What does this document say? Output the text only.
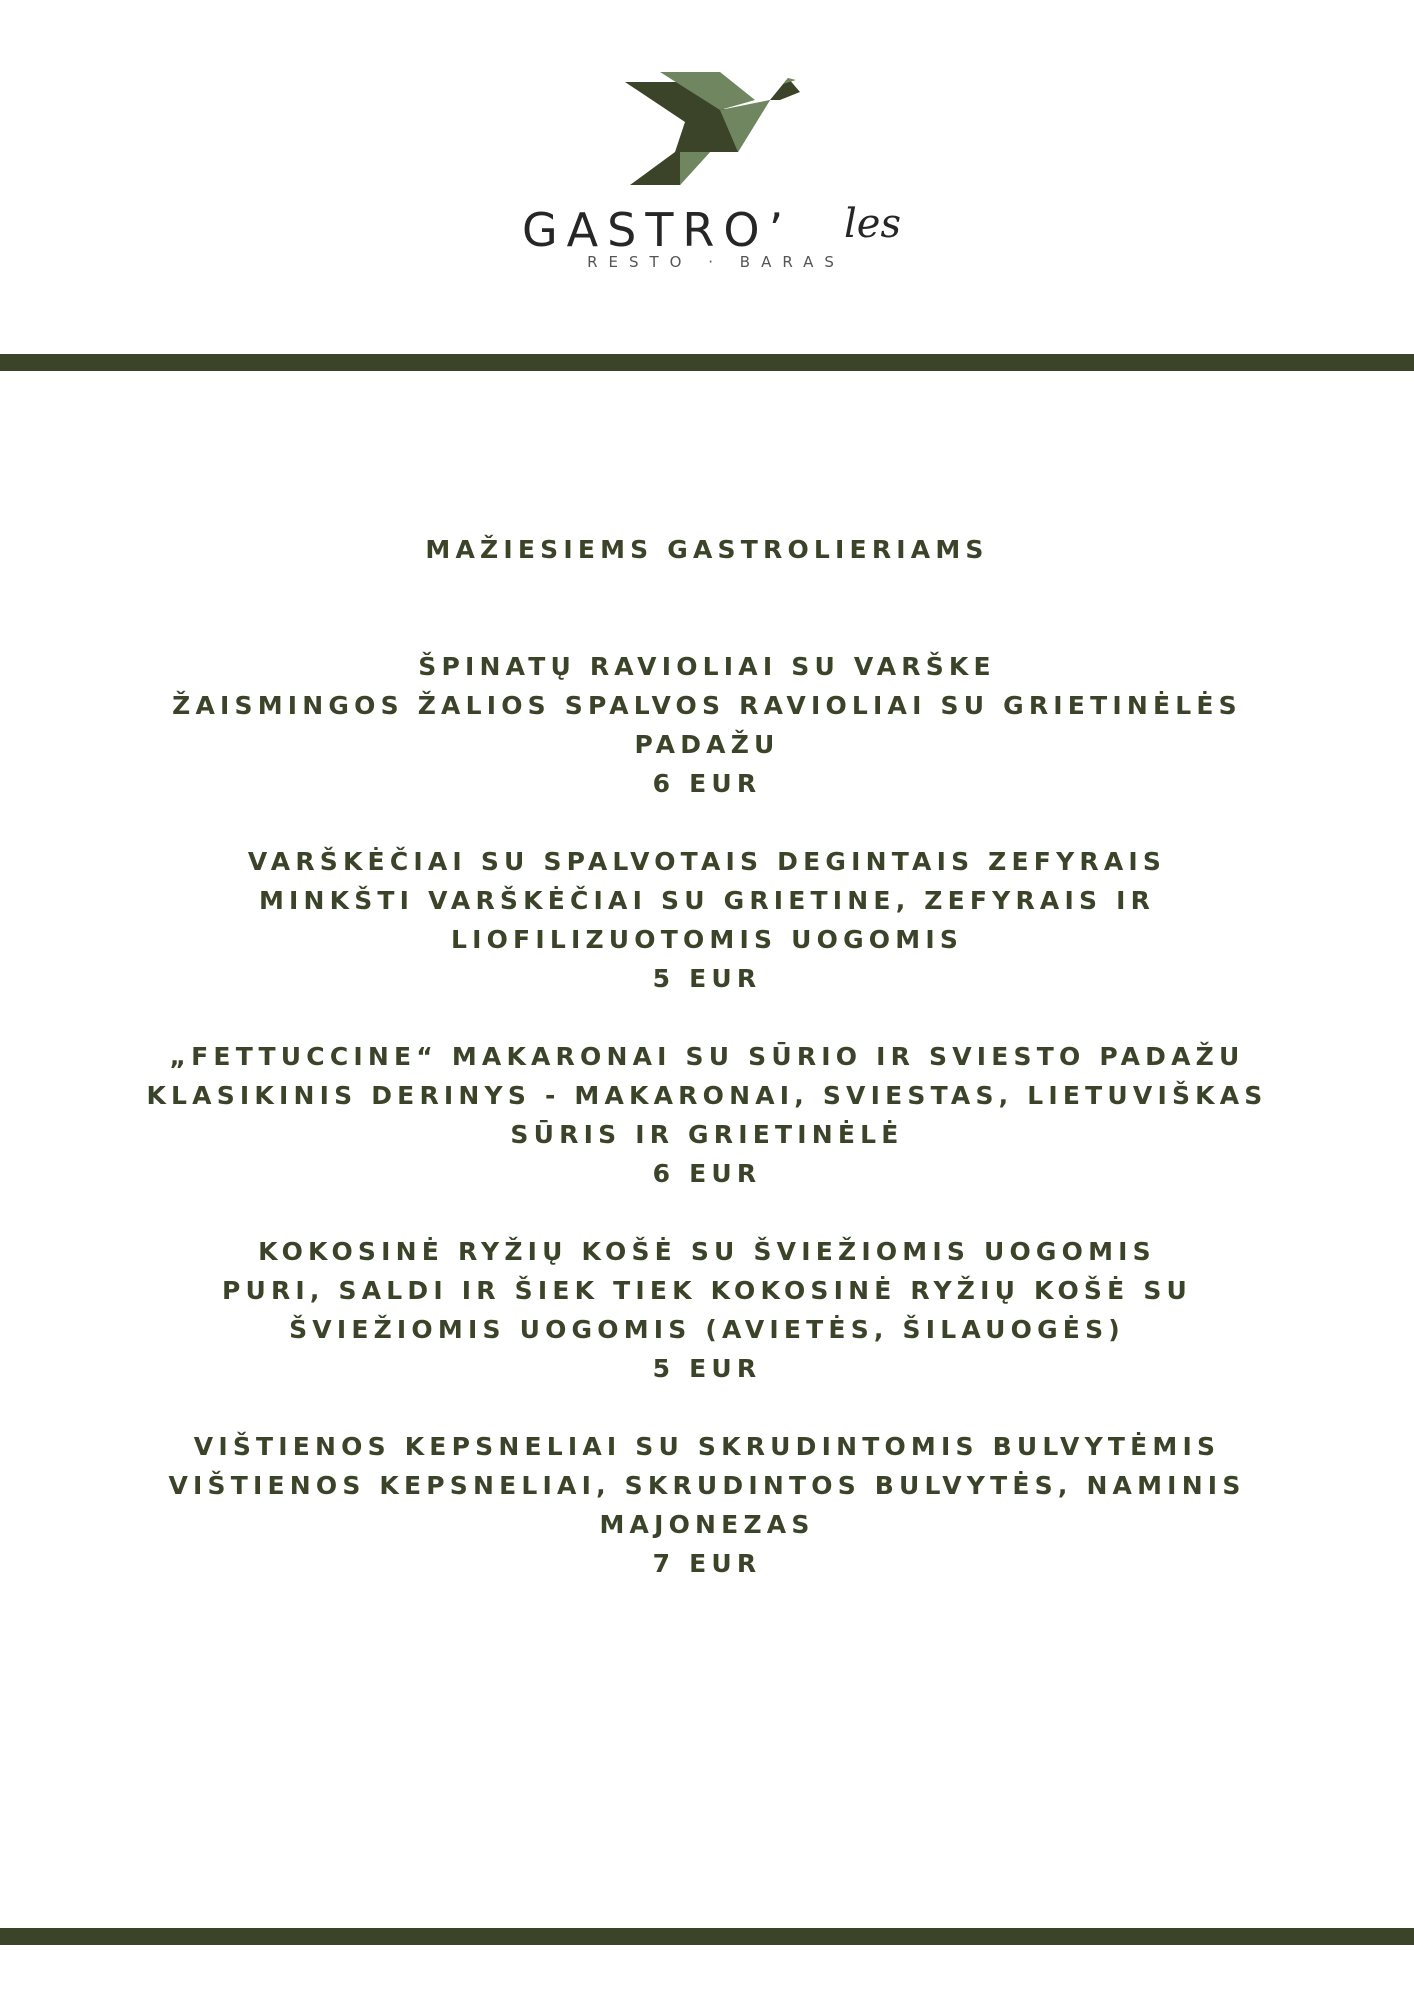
GASTRO’ les
RESTO · BARAS
MAŽIESIEMS GASTROLIERIAMS
ŠPINATŲ RAVIOLIAI SU VARŠKE
ŽAISMINGOS ŽALIOS SPALVOS RAVIOLIAI SU GRIETINĖLĖS PADAŽU
6 EUR
VARŠKĖČIAI SU SPALVOTAIS DEGINTAIS ZEFYRAIS
MINKŠTI VARŠKĖČIAI SU GRIETINE, ZEFYRAIS IR LIOFILIZUOTOMIS UOGOMIS
5 EUR
„FETTUCCINE“ MAKARONAI SU SŪRIO IR SVIESTO PADAŽU
KLASIKINIS DERINYS - MAKARONAI, SVIESTAS, LIETUVIŠKAS SŪRIS IR GRIETINĖLĖ
6 EUR
KOKOSINĖ RYŽIŲ KOŠĖ SU ŠVIEŽIOMIS UOGOMIS
PURI, SALDI IR ŠIEK TIEK KOKOSINĖ RYŽIŲ KOŠĖ SU ŠVIEŽIOMIS UOGOMIS (AVIETĖS, ŠILAUOGĖS)
5 EUR
VIŠTIENOS KEPSNELIAI SU SKRUDINTOMIS BULVYTĖMIS
VIŠTIENOS KEPSNELIAI, SKRUDINTOS BULVYTĖS, NAMINIS MAJONEZAS
7 EUR
